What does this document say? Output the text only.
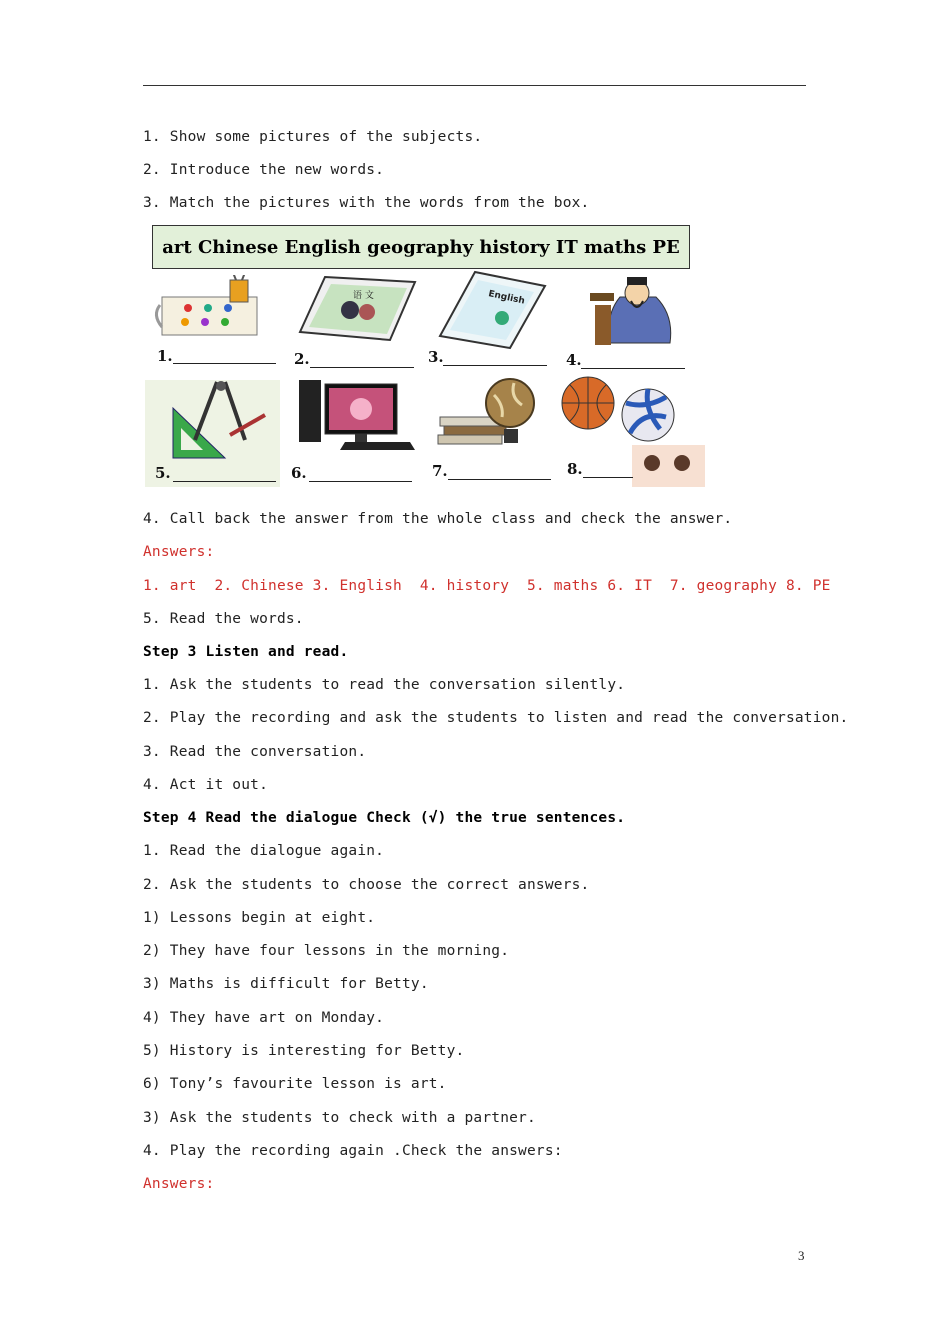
1. Show some pictures of the subjects.
2. Introduce the new words.
3. Match the pictures with the words from the box.
art Chinese English geography history IT maths PE
语 文	English
1.	2.	3.	4.
5.	6.	7.	8.
4. Call back the answer from the whole class and check the answer.
Answers:
1. art  2. Chinese 3. English  4. history  5. maths 6. IT  7. geography 8. PE
5. Read the words.
Step 3 Listen and read.
1. Ask the students to read the conversation silently.
2. Play the recording and ask the students to listen and read the conversation.
3. Read the conversation.
4. Act it out.
Step 4 Read the dialogue Check (√) the true sentences.
1. Read the dialogue again.
2. Ask the students to choose the correct answers.
1) Lessons begin at eight.
2) They have four lessons in the morning.
3) Maths is difficult for Betty.
4) They have art on Monday.
5) History is interesting for Betty.
6) Tony’s favourite lesson is art.
3) Ask the students to check with a partner.
4. Play the recording again .Check the answers:
Answers:
3
